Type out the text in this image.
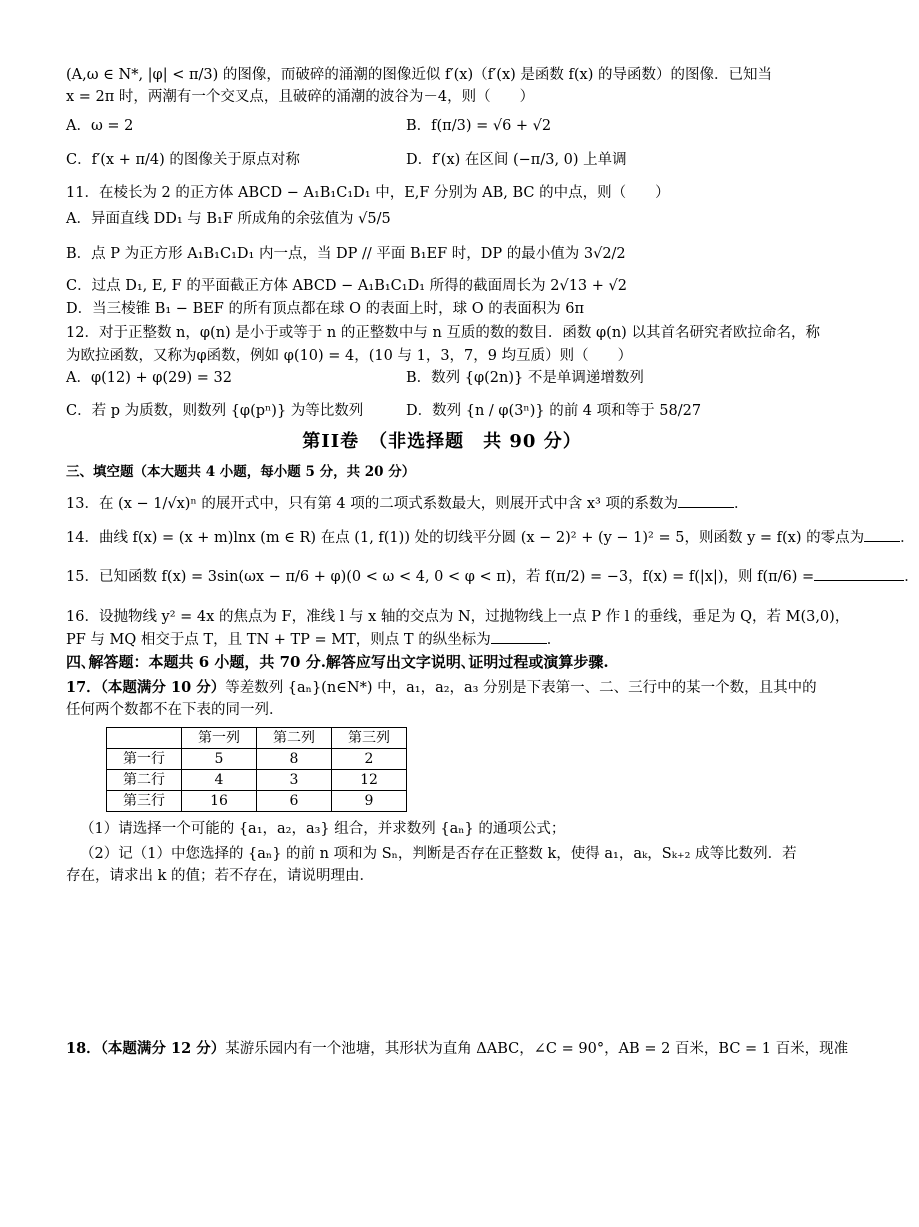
(A,ω ∈ N*, |φ| < π/3) 的图像，而破碎的涌潮的图像近似 f′(x)（f′(x) 是函数 f(x) 的导函数）的图像．已知当

x = 2π 时，两潮有一个交叉点，且破碎的涌潮的波谷为－4，则（　　）

A．ω = 2	B．f(π/3) = √6 + √2
C．f′(x + π/4) 的图像关于原点对称	D．f′(x) 在区间 (−π/3, 0) 上单调

11．在棱长为 2 的正方体 ABCD − A₁B₁C₁D₁ 中，E,F 分别为 AB, BC 的中点，则（　　）

A．异面直线 DD₁ 与 B₁F 所成角的余弦值为 √5/5

B．点 P 为正方形 A₁B₁C₁D₁ 内一点，当 DP // 平面 B₁EF 时，DP 的最小值为 3√2/2

C．过点 D₁, E, F 的平面截正方体 ABCD − A₁B₁C₁D₁ 所得的截面周长为 2√13 + √2

D．当三棱锥 B₁ − BEF 的所有顶点都在球 O 的表面上时，球 O 的表面积为 6π

12．对于正整数 n，φ(n) 是小于或等于 n 的正整数中与 n 互质的数的数目．函数 φ(n) 以其首名研究者欧拉命名，称

为欧拉函数，又称为φ函数，例如 φ(10) = 4，(10 与 1，3，7，9 均互质）则（　　）

A．φ(12) + φ(29) = 32	B．数列 {φ(2n)} 不是单调递增数列
C．若 p 为质数，则数列 {φ(pⁿ)} 为等比数列	D．数列 {n / φ(3ⁿ)} 的前 4 项和等于 58/27
第II卷　（非选择题　共 90 分）

三、填空题（本大题共 4 小题，每小题 5 分，共 20 分）

13．在 (x − 1/√x)ⁿ 的展开式中，只有第 4 项的二项式系数最大，则展开式中含 x³ 项的系数为	．

14．曲线 f(x) = (x + m)lnx (m ∈ R) 在点 (1, f(1)) 处的切线平分圆 (x − 2)² + (y − 1)² = 5，则函数 y = f(x) 的零点为 ．

15．已知函数 f(x) = 3sin(ωx − π/6 + φ)(0 < ω < 4, 0 < φ < π)，若 f(π/2) = −3，f(x) = f(|x|)，则 f(π/6) =	．

16．设抛物线 y² = 4x 的焦点为 F，准线 l 与 x 轴的交点为 N，过抛物线上一点 P 作 l 的垂线，垂足为 Q，若 M(3,0)，

PF 与 MQ 相交于点 T，且 TN + TP = MT，则点 T 的纵坐标为	．

四､解答题：本题共 6 小题，共 70 分.解答应写出文字说明､证明过程或演算步骤.

17．（本题满分 10 分）等差数列 {aₙ}(n∈N*) 中，a₁，a₂，a₃ 分别是下表第一、二、三行中的某一个数，且其中的

任何两个数都不在下表的同一列．

	第一列	第二列	第三列
第一行	5	8	2
第二行	4	3	12
第三行	16	6	9

（1）请选择一个可能的 {a₁，a₂，a₃} 组合，并求数列 {aₙ} 的通项公式；

（2）记（1）中您选择的 {aₙ} 的前 n 项和为 Sₙ，判断是否存在正整数 k，使得 a₁，aₖ，Sₖ₊₂ 成等比数列．若

存在，请求出 k 的值；若不存在，请说明理由．

18．（本题满分 12 分）某游乐园内有一个池塘，其形状为直角 ΔABC，∠C = 90°，AB = 2 百米，BC = 1 百米，现准
